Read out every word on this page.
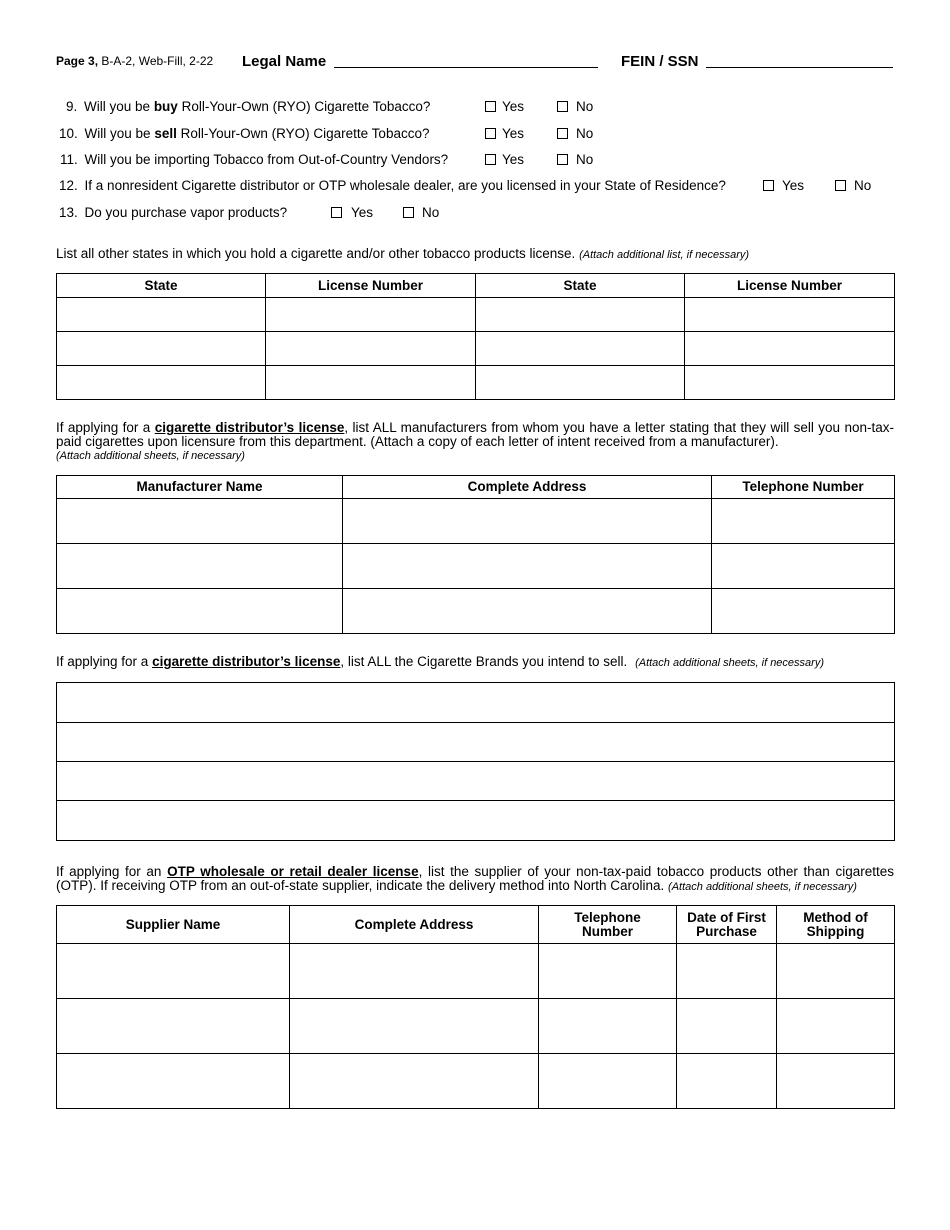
Page 3, B-A-2, Web-Fill, 2-22 Legal Name	FEIN / SSN
9. Will you be buy Roll-Your-Own (RYO) Cigarette Tobacco?	Yes	No
10. Will you be sell Roll-Your-Own (RYO) Cigarette Tobacco?	Yes	No
11. Will you be importing Tobacco from Out-of-Country Vendors?	Yes	No
12. If a nonresident Cigarette distributor or OTP wholesale dealer, are you licensed in your State of Residence?	Yes	No
13. Do you purchase vapor products?	Yes	No
List all other states in which you hold a cigarette and/or other tobacco products license. (Attach additional list, if necessary)
State	License Number	State	License Number

If applying for a cigarette distributor’s license, list ALL manufacturers from whom you have a letter stating that they will sell you non-tax-paid cigarettes upon licensure from this department. (Attach a copy of each letter of intent received from a manufacturer).
(Attach additional sheets, if necessary)
Manufacturer Name	Complete Address	Telephone Number

If applying for a cigarette distributor’s license, list ALL the Cigarette Brands you intend to sell. (Attach additional sheets, if necessary)

If applying for an OTP wholesale or retail dealer license, list the supplier of your non-tax-paid tobacco products other than cigarettes (OTP). If receiving OTP from an out-of-state supplier, indicate the delivery method into North Carolina. (Attach additional sheets, if necessary)
Supplier Name	Complete Address	Telephone Number	Date of First Purchase	Method of Shipping
